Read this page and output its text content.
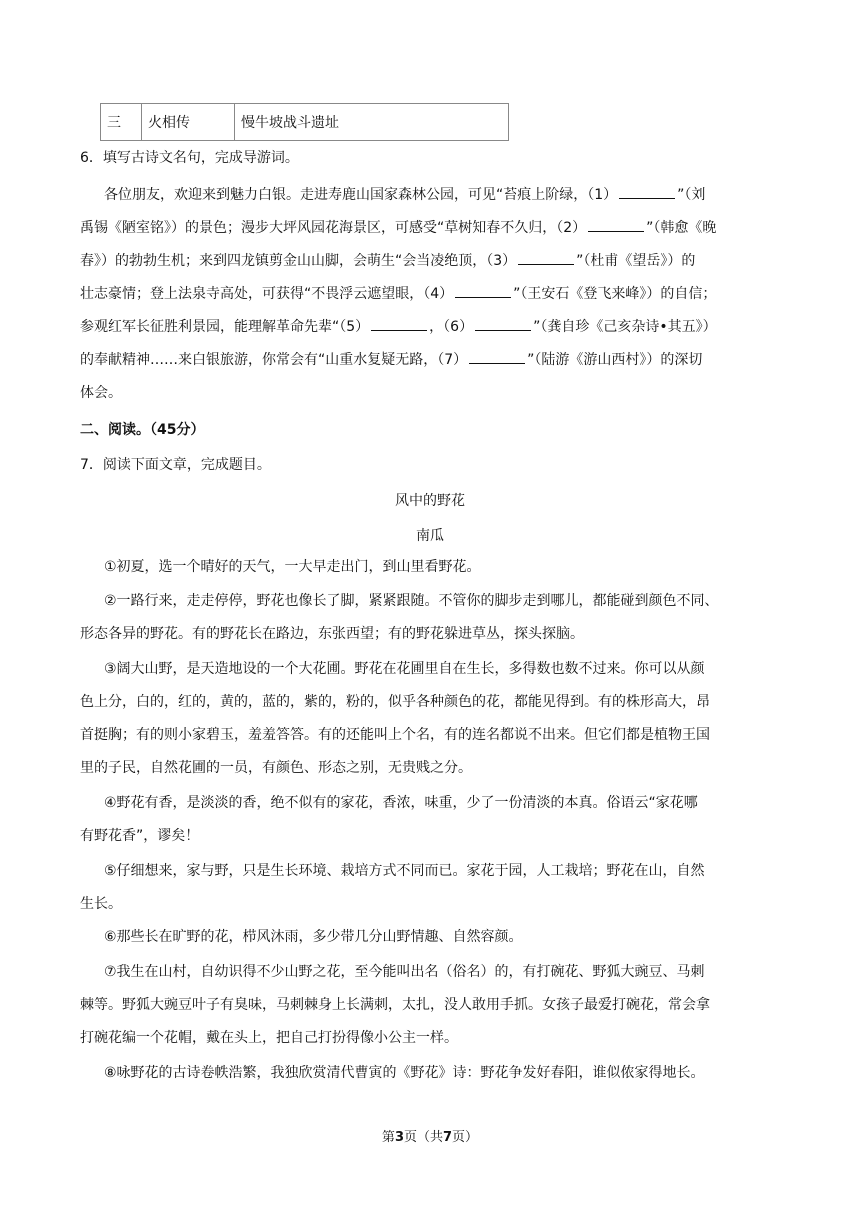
三	火相传	慢牛坡战斗遗址
6．填写古诗文名句，完成导游词。
各位朋友，欢迎来到魅力白银。走进寿鹿山国家森林公园，可见“苔痕上阶绿，（1）	”（刘
禹锡《陋室铭》）的景色；漫步大坪风园花海景区，可感受“草树知春不久归，（2）	”（韩愈《晚
春》）的勃勃生机；来到四龙镇剪金山山脚，会萌生“会当凌绝顶，（3）	”（杜甫《望岳》）的
壮志豪情；登上法泉寺高处，可获得“不畏浮云遮望眼，（4）	”（王安石《登飞来峰》）的自信；
参观红军长征胜利景园，能理解革命先辈“（5）	，（6）	”（龚自珍《己亥杂诗•其五》）
的奉献精神……来白银旅游，你常会有“山重水复疑无路，（7）	”（陆游《游山西村》）的深切
体会。
二、阅读。（45分）
7．阅读下面文章，完成题目。
风中的野花
南瓜
①初夏，选一个晴好的天气，一大早走出门，到山里看野花。
②一路行来，走走停停，野花也像长了脚，紧紧跟随。不管你的脚步走到哪儿，都能碰到颜色不同、
形态各异的野花。有的野花长在路边，东张西望；有的野花躲进草丛，探头探脑。
③阔大山野，是天造地设的一个大花圃。野花在花圃里自在生长，多得数也数不过来。你可以从颜
色上分，白的，红的，黄的，蓝的，紫的，粉的，似乎各种颜色的花，都能见得到。有的株形高大，昂
首挺胸；有的则小家碧玉，羞羞答答。有的还能叫上个名，有的连名都说不出来。但它们都是植物王国
里的子民，自然花圃的一员，有颜色、形态之别，无贵贱之分。
④野花有香，是淡淡的香，绝不似有的家花，香浓，味重，少了一份清淡的本真。俗语云“家花哪
有野花香”，谬矣！
⑤仔细想来，家与野，只是生长环境、栽培方式不同而已。家花于园，人工栽培；野花在山，自然
生长。
⑥那些长在旷野的花，栉风沐雨，多少带几分山野情趣、自然容颜。
⑦我生在山村，自幼识得不少山野之花，至今能叫出名（俗名）的，有打碗花、野狐大豌豆、马刺
棘等。野狐大豌豆叶子有臭味，马刺棘身上长满刺，太扎，没人敢用手抓。女孩子最爱打碗花，常会拿
打碗花编一个花帽，戴在头上，把自己打扮得像小公主一样。
⑧咏野花的古诗卷帙浩繁，我独欣赏清代曹寅的《野花》诗：野花争发好春阳，谁似侬家得地长。
第3页（共7页）
